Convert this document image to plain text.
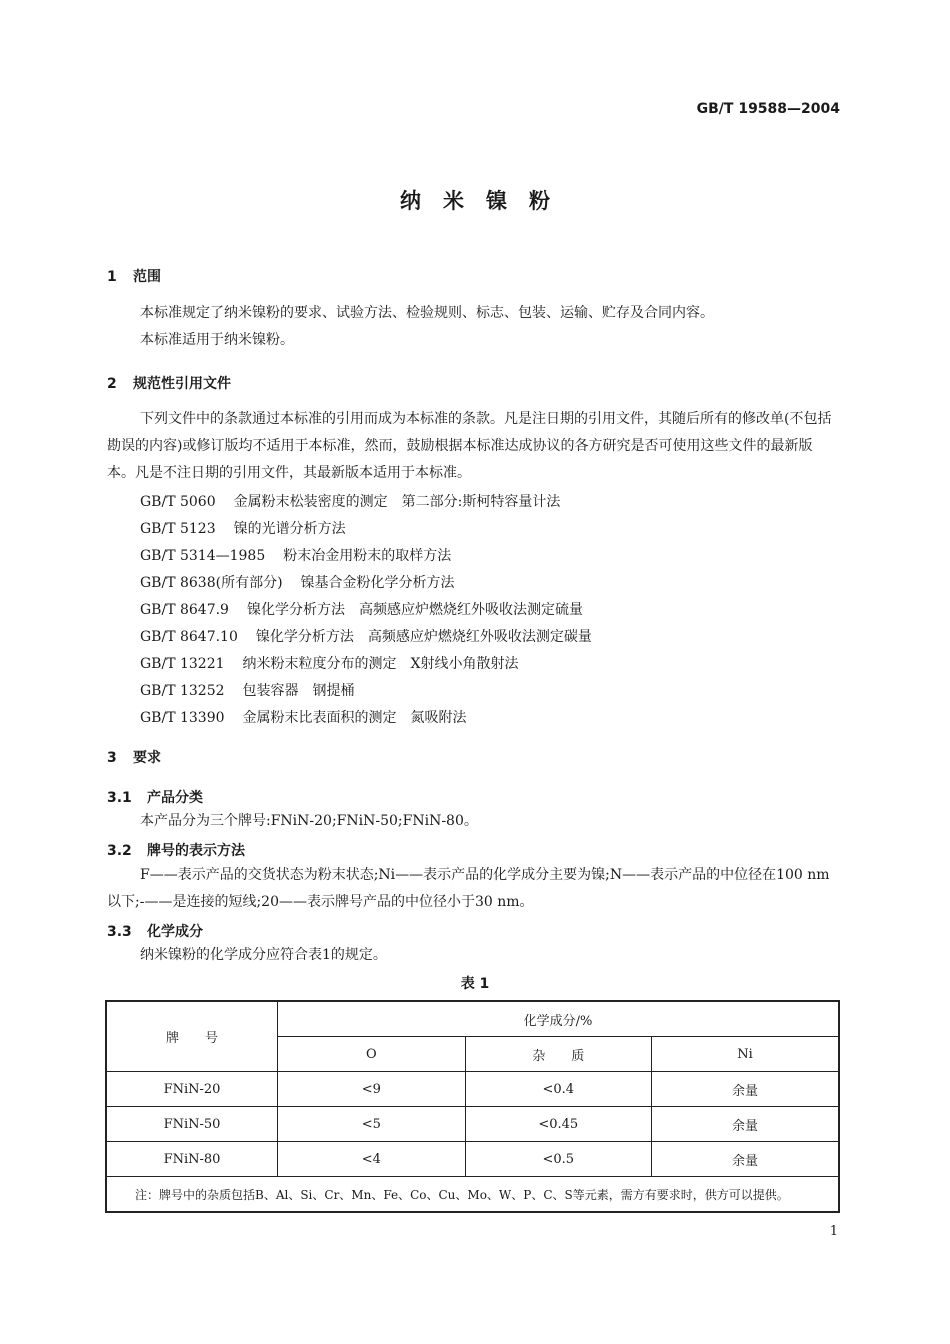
GB/T 19588—2004
纳米镍粉
1 范围
本标准规定了纳米镍粉的要求、试验方法、检验规则、标志、包装、运输、贮存及合同内容。
本标准适用于纳米镍粉。
2 规范性引用文件
下列文件中的条款通过本标准的引用而成为本标准的条款。凡是注日期的引用文件，其随后所有的修改单(不包括勘误的内容)或修订版均不适用于本标准，然而，鼓励根据本标准达成协议的各方研究是否可使用这些文件的最新版本。凡是不注日期的引用文件，其最新版本适用于本标准。
GB/T 5060 金属粉末松装密度的测定　第二部分:斯柯特容量计法
GB/T 5123 镍的光谱分析方法
GB/T 5314—1985 粉末冶金用粉末的取样方法
GB/T 8638(所有部分) 镍基合金粉化学分析方法
GB/T 8647.9 镍化学分析方法　高频感应炉燃烧红外吸收法测定硫量
GB/T 8647.10 镍化学分析方法　高频感应炉燃烧红外吸收法测定碳量
GB/T 13221 纳米粉末粒度分布的测定　X射线小角散射法
GB/T 13252 包装容器　钢提桶
GB/T 13390 金属粉末比表面积的测定　氮吸附法
3 要求
3.1 产品分类
本产品分为三个牌号:FNiN-20;FNiN-50;FNiN-80。
3.2 牌号的表示方法
F——表示产品的交货状态为粉末状态;Ni——表示产品的化学成分主要为镍;N——表示产品的中位径在100 nm以下;-——是连接的短线;20——表示牌号产品的中位径小于30 nm。
3.3 化学成分
纳米镍粉的化学成分应符合表1的规定。
表 1
牌　　号	化学成分/%		
	O	杂　　质	Ni
FNiN-20	<9	<0.4	余量
FNiN-50	<5	<0.45	余量
FNiN-80	<4	<0.5	余量
注：牌号中的杂质包括B、Al、Si、Cr、Mn、Fe、Co、Cu、Mo、W、P、C、S等元素，需方有要求时，供方可以提供。			
1
